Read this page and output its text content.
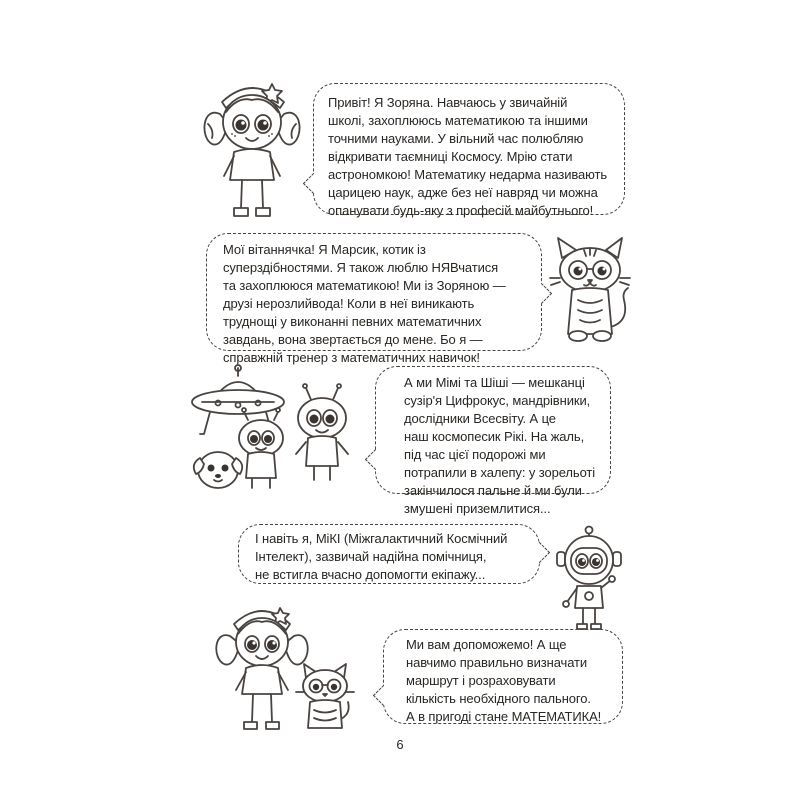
Привіт! Я Зоряна. Навчаюсь у звичайній
школі, захоплююсь математикою та іншими
точними науками. У вільний час полюбляю
відкривати таємниці Космосу. Мрію стати
астрономкою! Математику недарма називають
царицею наук, адже без неї навряд чи можна
опанувати будь-яку з професій майбутнього!

Мої вітаннячка! Я Марсик, котик із
суперздібностями. Я також люблю НЯВчатися
та захоплююся математикою! Ми із Зоряною —
друзі нерозлийвода! Коли в неї виникають
труднощі у виконанні певних математичних
завдань, вона звертається до мене. Бо я —
справжній тренер з математичних навичок!

А ми Мімі та Шіші — мешканці
сузір'я Цифрокус, мандрівники,
дослідники Всесвіту. А це
наш космопесик Рікі. На жаль,
під час цієї подорожі ми
потрапили в халепу: у зорельоті
закінчилося пальне й ми були
змушені приземлитися...

І навіть я, МіКІ (Міжгалактичний Космічний
Інтелект), зазвичай надійна помічниця,
не встигла вчасно допомогти екіпажу...

Ми вам допоможемо! А ще
навчимо правильно визначати
маршрут і розраховувати
кількість необхідного пального.
А в пригоді стане МАТЕМАТИКА!

6
